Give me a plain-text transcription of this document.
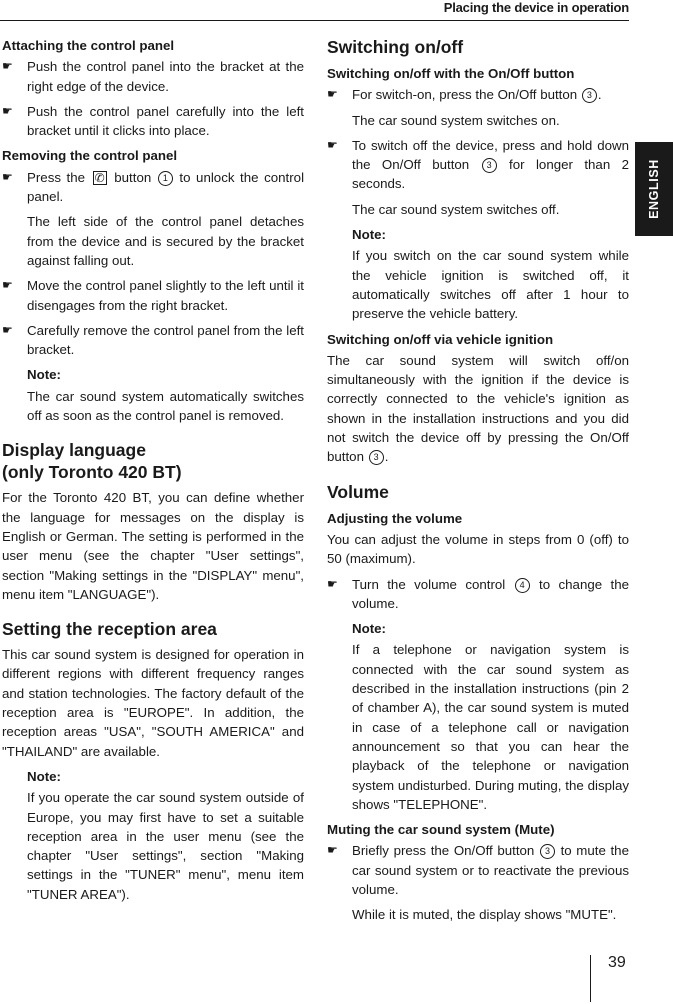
Placing the device in operation
ENGLISH
Attaching the control panel
☛	Push the control panel into the bracket at the right edge of the device.
☛	Push the control panel carefully into the left bracket until it clicks into place.
Removing the control panel
☛	Press the ✆ button 1 to unlock the control panel.

The left side of the control panel detaches from the device and is secured by the bracket against falling out.

☛	Move the control panel slightly to the left until it disengages from the right bracket.
☛	Carefully remove the control panel from the left bracket.
Note:

The car sound system automatically switches off as soon as the control panel is removed.

Display language
(only Toronto 420 BT)

For the Toronto 420 BT, you can define whether the language for messages on the display is English or German. The setting is performed in the user menu (see the chapter "User settings", section "Making settings in the "DISPLAY" menu", menu item "LANGUAGE").

Setting the reception area

This car sound system is designed for operation in different regions with different frequency ranges and station technologies. The factory default of the reception area is "EUROPE". In addition, the reception areas "USA", "SOUTH AMERICA" and "THAILAND" are available.

Note:

If you operate the car sound system outside of Europe, you may first have to set a suitable reception area in the user menu (see the chapter "User settings", section "Making settings in the "TUNER" menu", menu item "TUNER AREA").

Switching on/off
Switching on/off with the On/Off button
☛	For switch-on, press the On/Off button 3 .

The car sound system switches on.

☛	To switch off the device, press and hold down the On/Off button 3 for longer than 2 seconds.

The car sound system switches off.

Note:

If you switch on the car sound system while the vehicle ignition is switched off, it automatically switches off after 1 hour to preserve the vehicle battery.

Switching on/off via vehicle ignition

The car sound system will switch off/on simultaneously with the ignition if the device is correctly connected to the vehicle's ignition as shown in the installation instructions and you did not switch the device off by pressing the On/Off button 3 .

Volume
Adjusting the volume

You can adjust the volume in steps from 0 (off) to 50 (maximum).

☛	Turn the volume control 4 to change the volume.
Note:

If a telephone or navigation system is connected with the car sound system as described in the installation instructions (pin 2 of chamber A), the car sound system is muted in case of a telephone call or navigation announcement so that you can hear the playback of the telephone or navigation system undisturbed. During muting, the display shows "TELEPHONE".

Muting the car sound system (Mute)
☛	Briefly press the On/Off button 3 to mute the car sound system or to reactivate the previous volume.

While it is muted, the display shows "MUTE".

39
